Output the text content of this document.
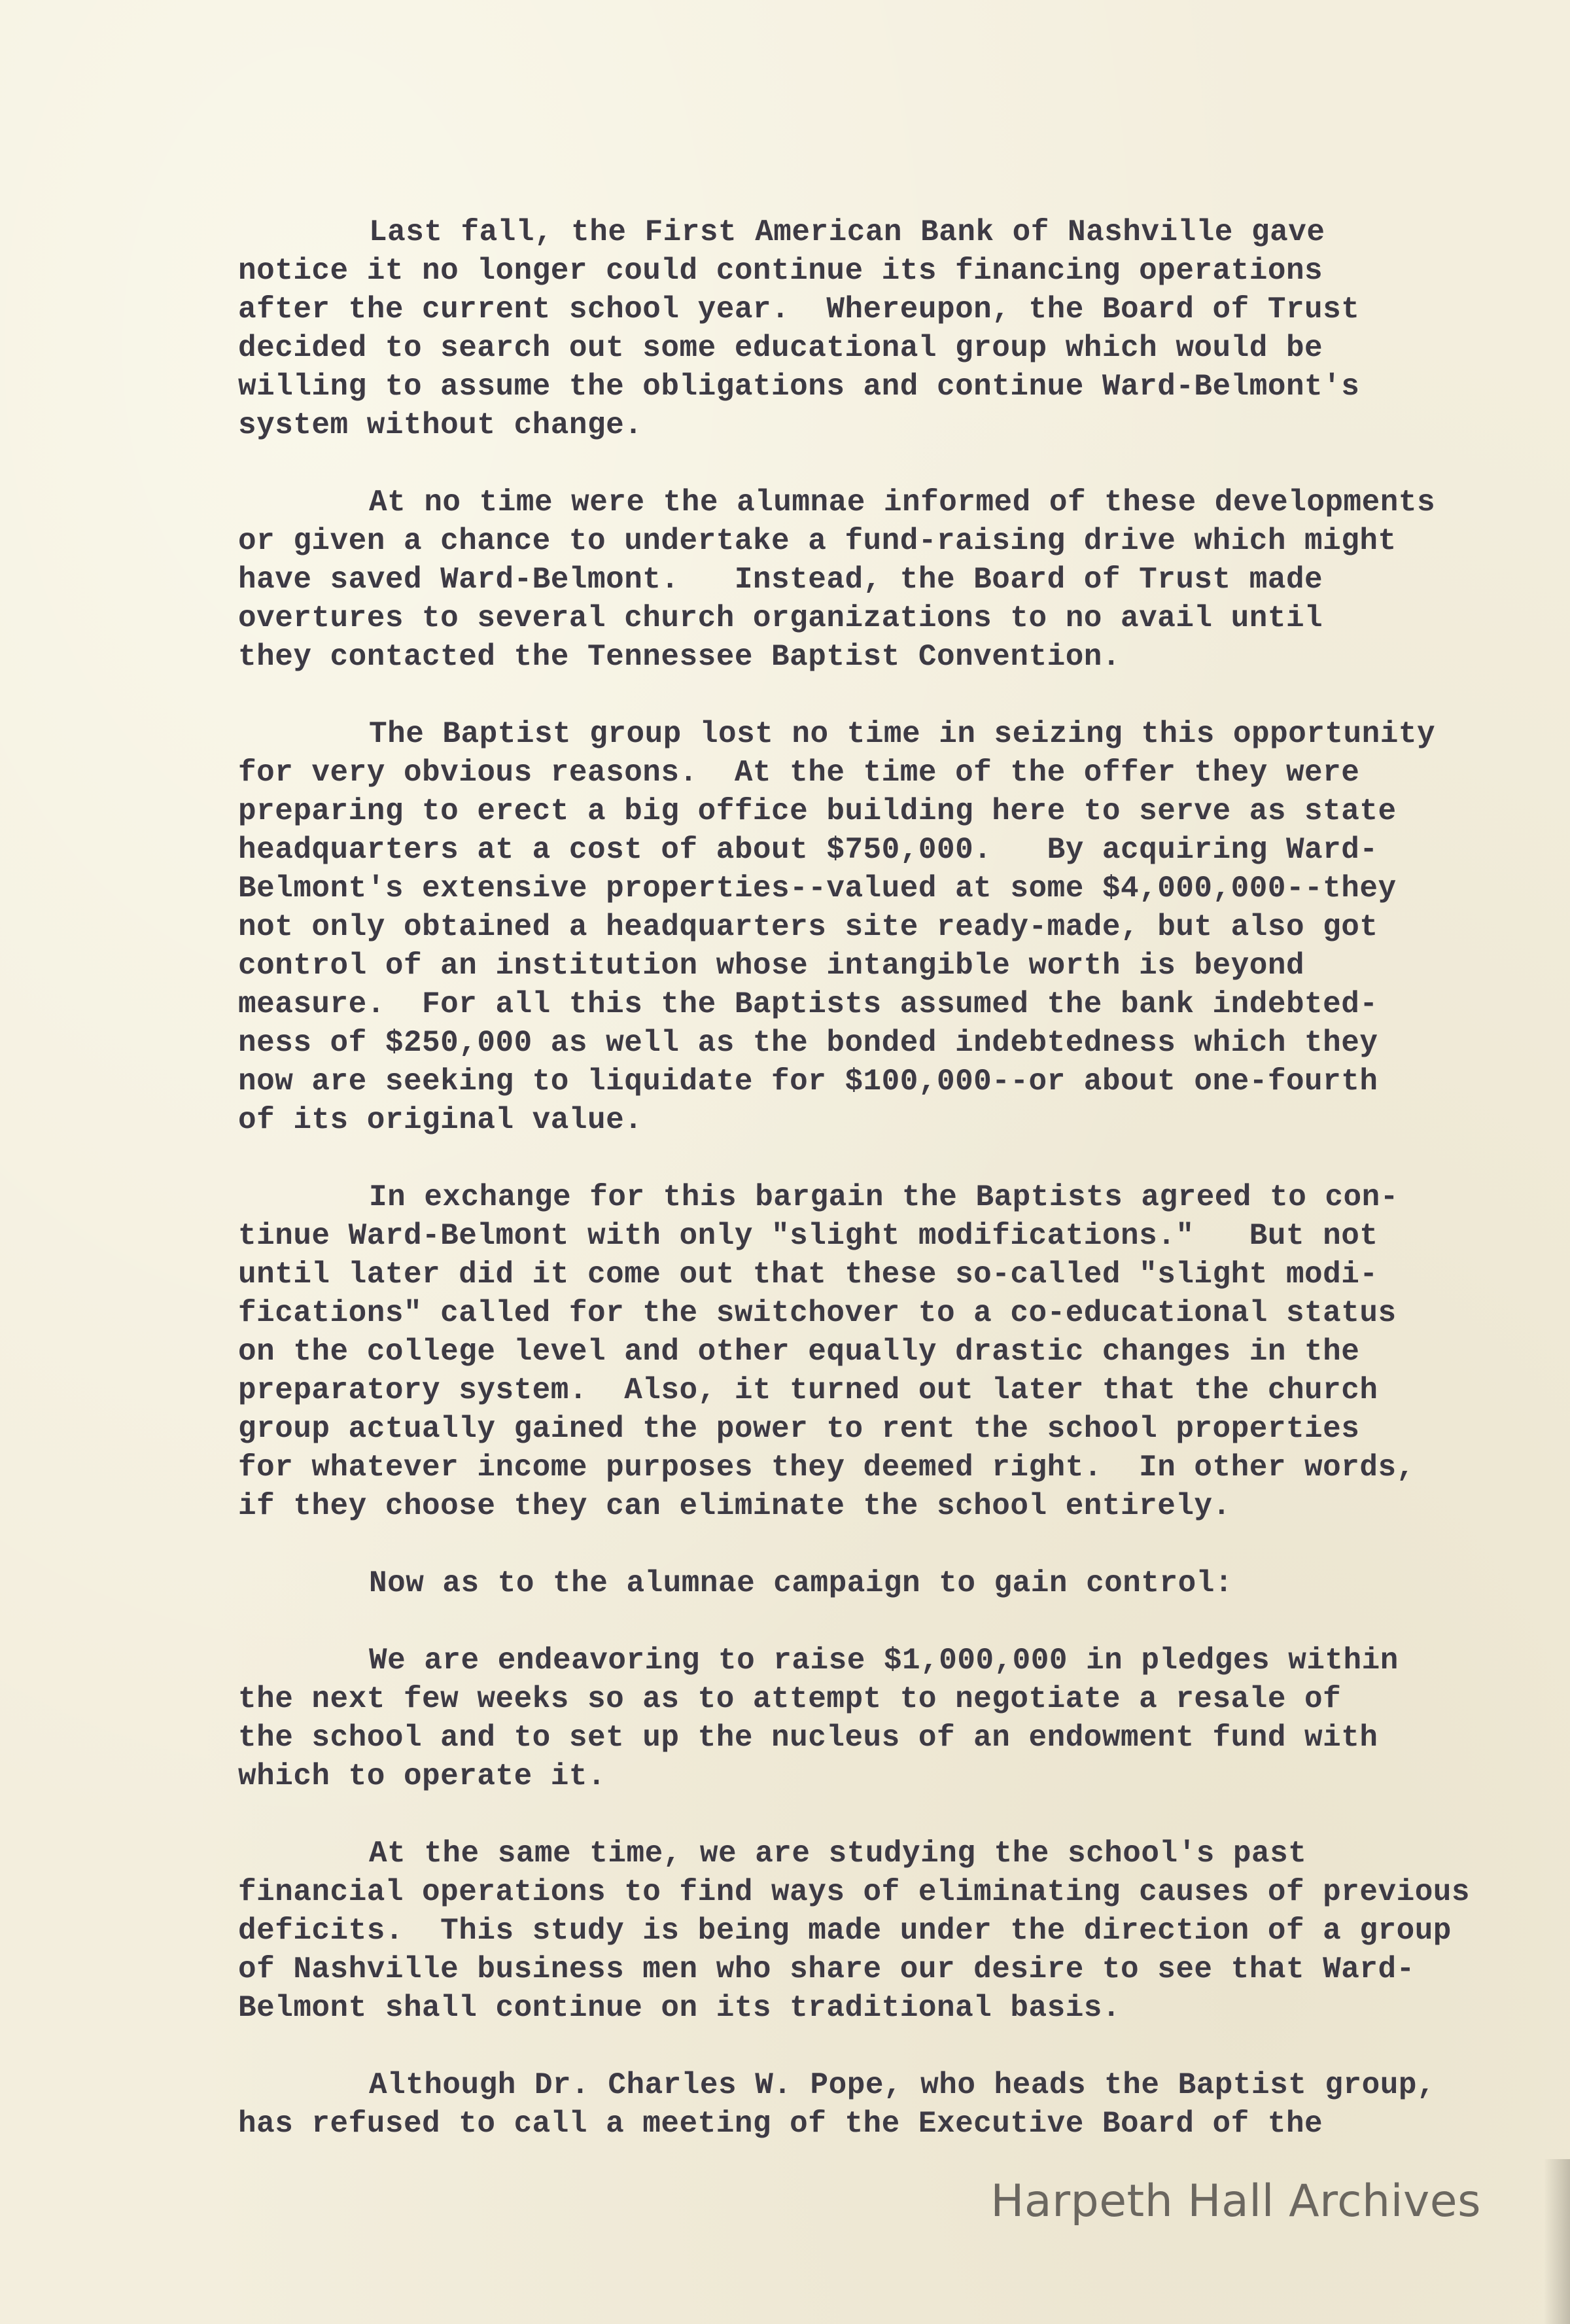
Last fall, the First American Bank of Nashville gave
notice it no longer could continue its financing operations
after the current school year.  Whereupon, the Board of Trust
decided to search out some educational group which would be
willing to assume the obligations and continue Ward-Belmont's
system without change.

At no time were the alumnae informed of these developments
or given a chance to undertake a fund-raising drive which might
have saved Ward-Belmont.   Instead, the Board of Trust made
overtures to several church organizations to no avail until
they contacted the Tennessee Baptist Convention.

The Baptist group lost no time in seizing this opportunity
for very obvious reasons.  At the time of the offer they were
preparing to erect a big office building here to serve as state
headquarters at a cost of about $750,000.   By acquiring Ward-
Belmont's extensive properties--valued at some $4,000,000--they
not only obtained a headquarters site ready-made, but also got
control of an institution whose intangible worth is beyond
measure.  For all this the Baptists assumed the bank indebted-
ness of $250,000 as well as the bonded indebtedness which they
now are seeking to liquidate for $100,000--or about one-fourth
of its original value.

In exchange for this bargain the Baptists agreed to con-
tinue Ward-Belmont with only "slight modifications."   But not
until later did it come out that these so-called "slight modi-
fications" called for the switchover to a co-educational status
on the college level and other equally drastic changes in the
preparatory system.  Also, it turned out later that the church
group actually gained the power to rent the school properties
for whatever income purposes they deemed right.  In other words,
if they choose they can eliminate the school entirely.

Now as to the alumnae campaign to gain control:

We are endeavoring to raise $1,000,000 in pledges within
the next few weeks so as to attempt to negotiate a resale of
the school and to set up the nucleus of an endowment fund with
which to operate it.

At the same time, we are studying the school's past
financial operations to find ways of eliminating causes of previous
deficits.  This study is being made under the direction of a group
of Nashville business men who share our desire to see that Ward-
Belmont shall continue on its traditional basis.

Although Dr. Charles W. Pope, who heads the Baptist group,
has refused to call a meeting of the Executive Board of the

Harpeth Hall Archives
